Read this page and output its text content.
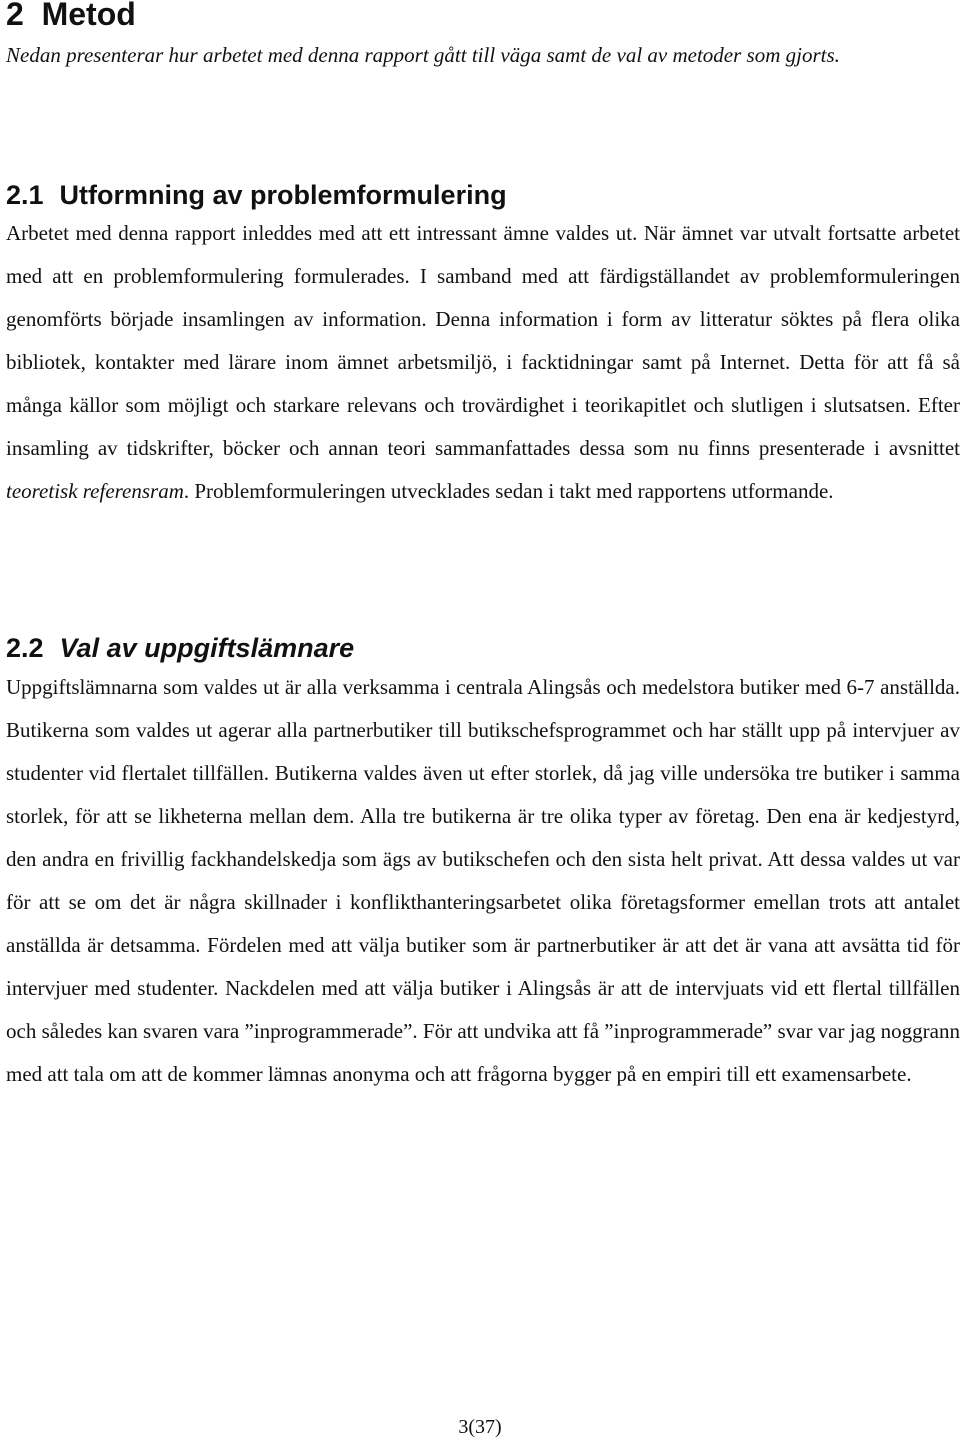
2 Metod

Nedan presenterar hur arbetet med denna rapport gått till väga samt de val av metoder som gjorts.

2.1 Utformning av problemformulering

Arbetet med denna rapport inleddes med att ett intressant ämne valdes ut. När ämnet var utvalt fortsatte arbetet med att en problemformulering formulerades. I samband med att färdigställandet av problemformuleringen genomförts började insamlingen av information. Denna information i form av litteratur söktes på flera olika bibliotek, kontakter med lärare inom ämnet arbetsmiljö, i facktidningar samt på Internet. Detta för att få så många källor som möjligt och starkare relevans och trovärdighet i teorikapitlet och slutligen i slutsatsen. Efter insamling av tidskrifter, böcker och annan teori sammanfattades dessa som nu finns presenterade i avsnittet teoretisk referensram. Problemformuleringen utvecklades sedan i takt med rapportens utformande.

2.2 Val av uppgiftslämnare

Uppgiftslämnarna som valdes ut är alla verksamma i centrala Alingsås och medelstora butiker med 6-7 anställda. Butikerna som valdes ut agerar alla partnerbutiker till butikschefsprogrammet och har ställt upp på intervjuer av studenter vid flertalet tillfällen. Butikerna valdes även ut efter storlek, då jag ville undersöka tre butiker i samma storlek, för att se likheterna mellan dem. Alla tre butikerna är tre olika typer av företag. Den ena är kedjestyrd, den andra en frivillig fackhandelskedja som ägs av butikschefen och den sista helt privat. Att dessa valdes ut var för att se om det är några skillnader i konflikthanteringsarbetet olika företagsformer emellan trots att antalet anställda är detsamma. Fördelen med att välja butiker som är partnerbutiker är att det är vana att avsätta tid för intervjuer med studenter. Nackdelen med att välja butiker i Alingsås är att de intervjuats vid ett flertal tillfällen och således kan svaren vara ”inprogrammerade”. För att undvika att få ”inprogrammerade” svar var jag noggrann med att tala om att de kommer lämnas anonyma och att frågorna bygger på en empiri till ett examensarbete.

3(37)
